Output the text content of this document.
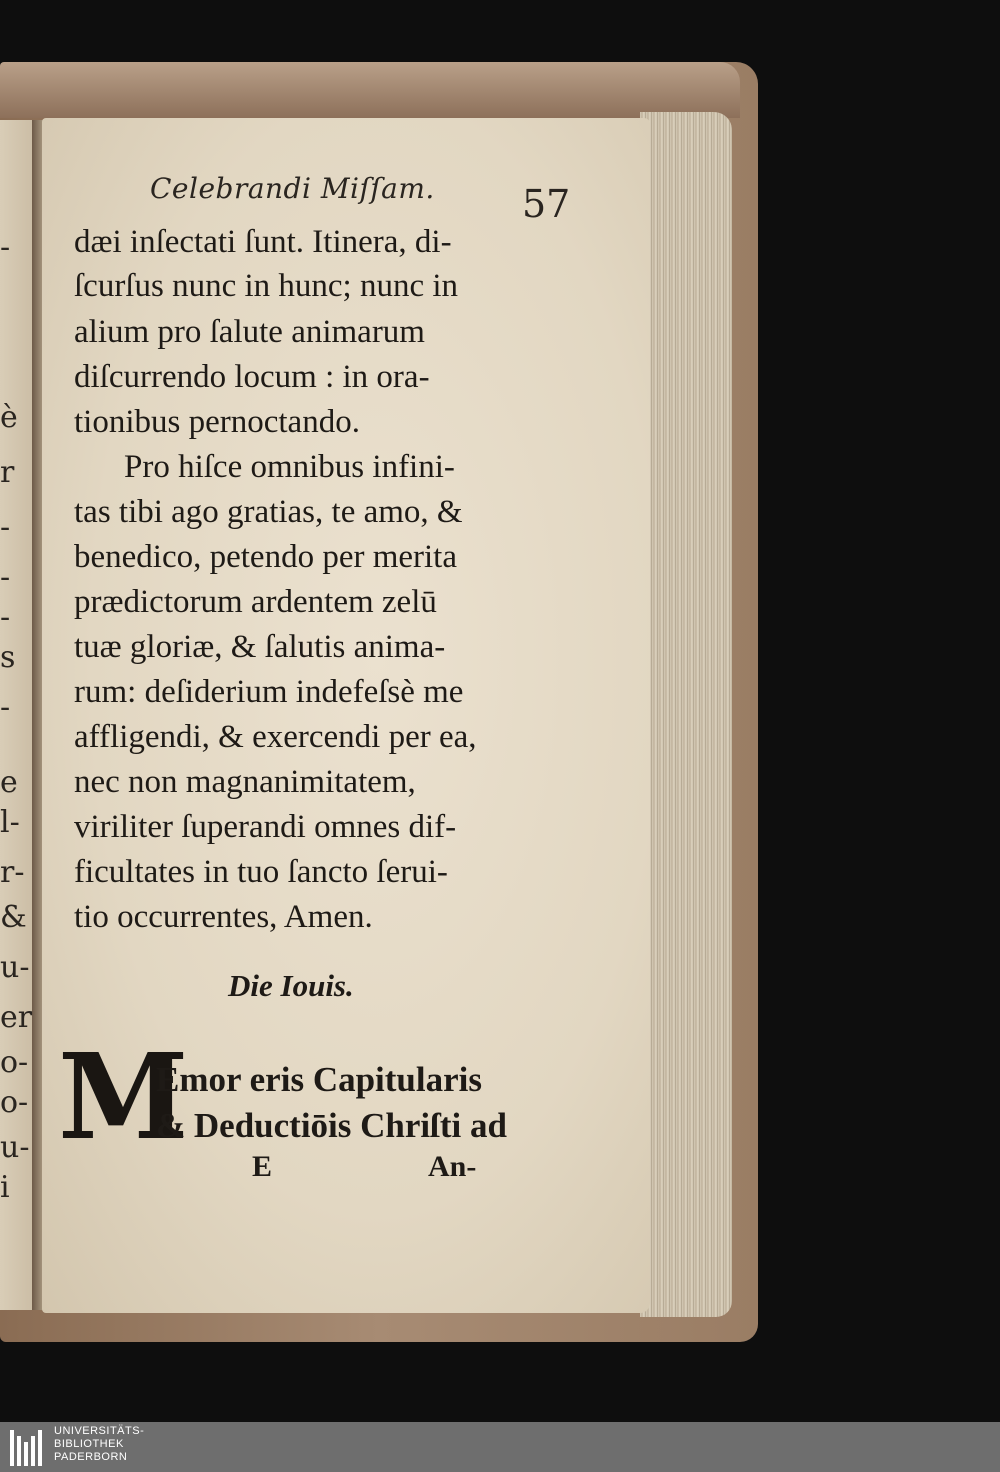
-
è
r
-
-
-
s
-
e
l-
r-
&
u-
er
o-
o-
u-
i
Celebrandi Miſſam. 57
dæi inſectati ſunt. Itinera, di-
ſcurſus nunc in hunc; nunc in
alium pro ſalute animarum
diſcurrendo locum : in ora-
tionibus pernoctando.
Pro hiſce omnibus infini-
tas tibi ago gratias, te amo, &
benedico, petendo per merita
prædictorum ardentem zelū
tuæ gloriæ, & ſalutis anima-
rum: deſiderium indefeſsè me
affligendi, & exercendi per ea,
nec non magnanimitatem,
viriliter ſuperandi omnes dif-
ficultates in tuo ſancto ſerui-
tio occurrentes, Amen.
Die Iouis.
M
Emor eris Capitularis
& Deductiōis Chriſti ad
E	An-
UNIVERSITÄTS-
BIBLIOTHEK
PADERBORN
